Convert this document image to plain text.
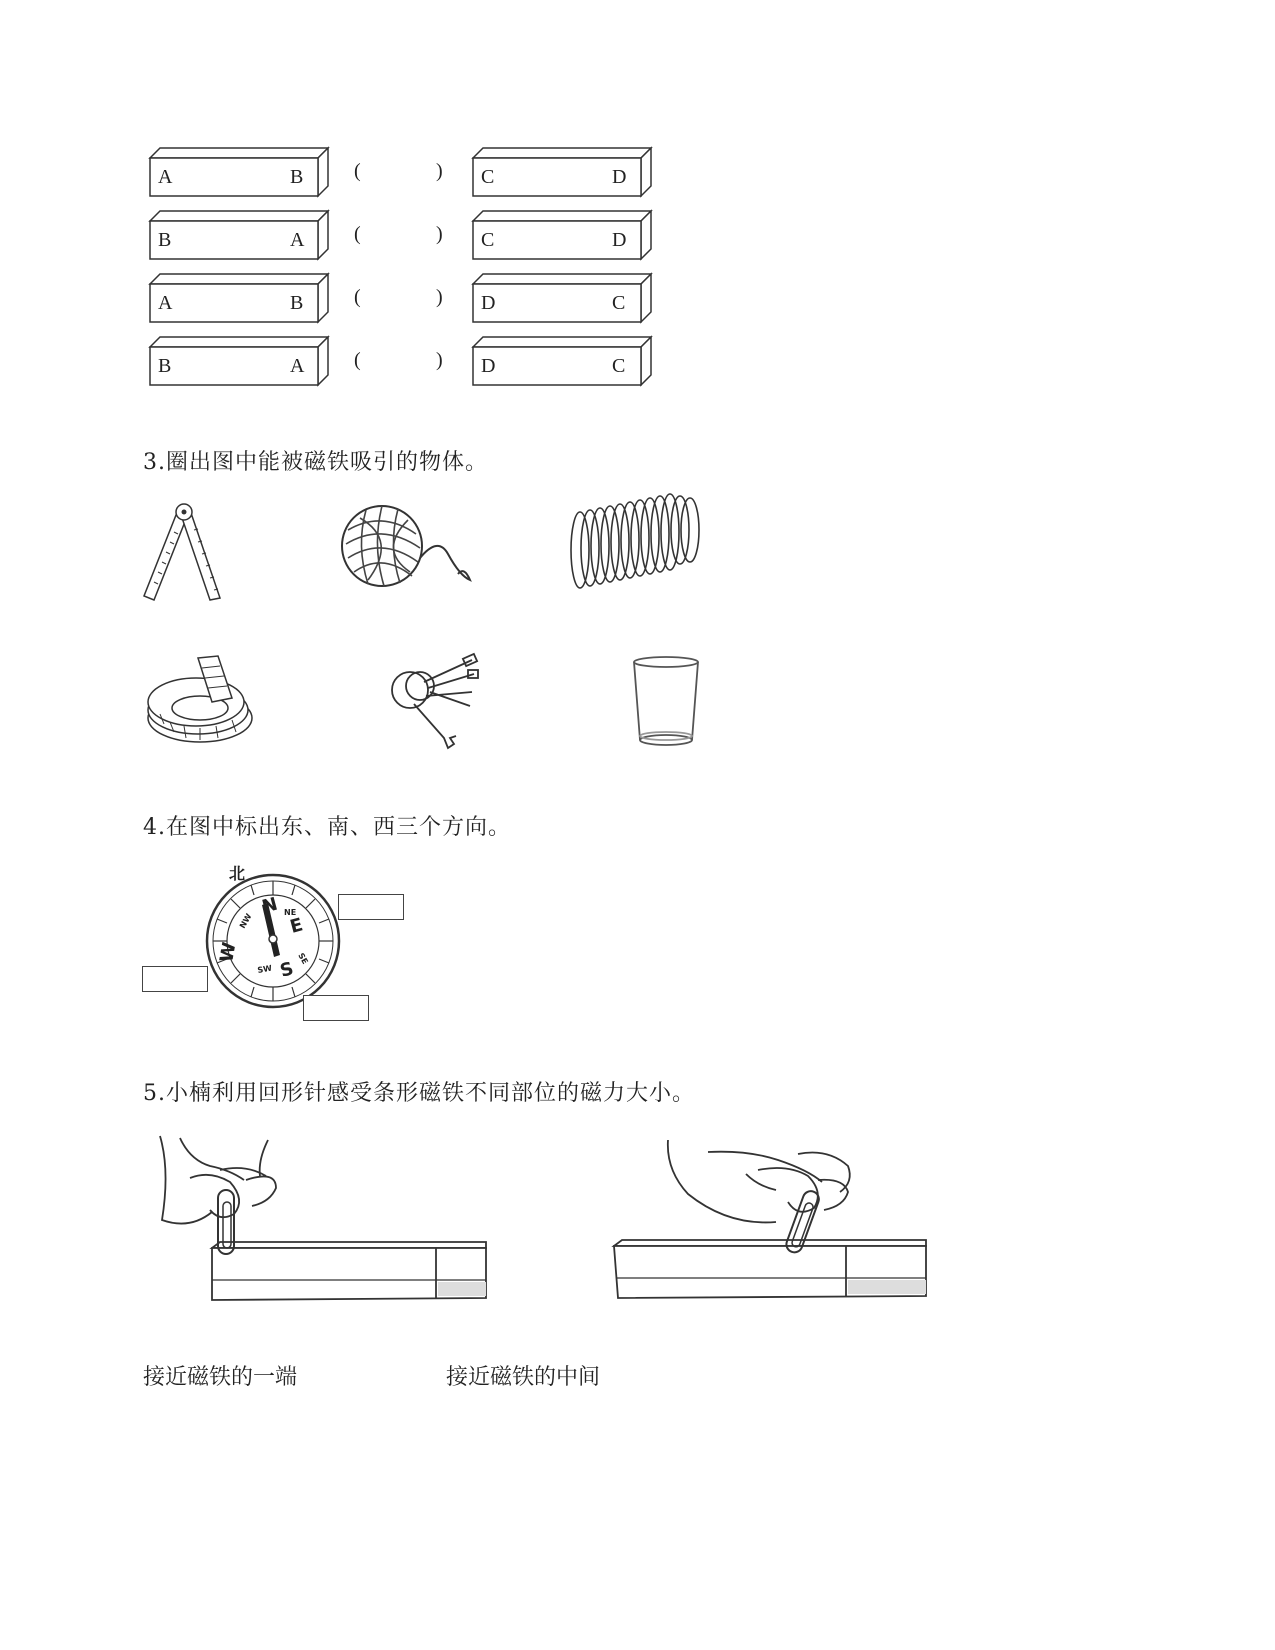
A	B	(	) C	D
B	A (	) C	D
A	B	(	) D	C
B	A (	) D	C
3.圈出图中能被磁铁吸引的物体。
4.在图中标出东、南、西三个方向。
北
N
E
S
W
NE
SE
SW
NW
5.小楠利用回形针感受条形磁铁不同部位的磁力大小。
接近磁铁的一端	接近磁铁的中间
